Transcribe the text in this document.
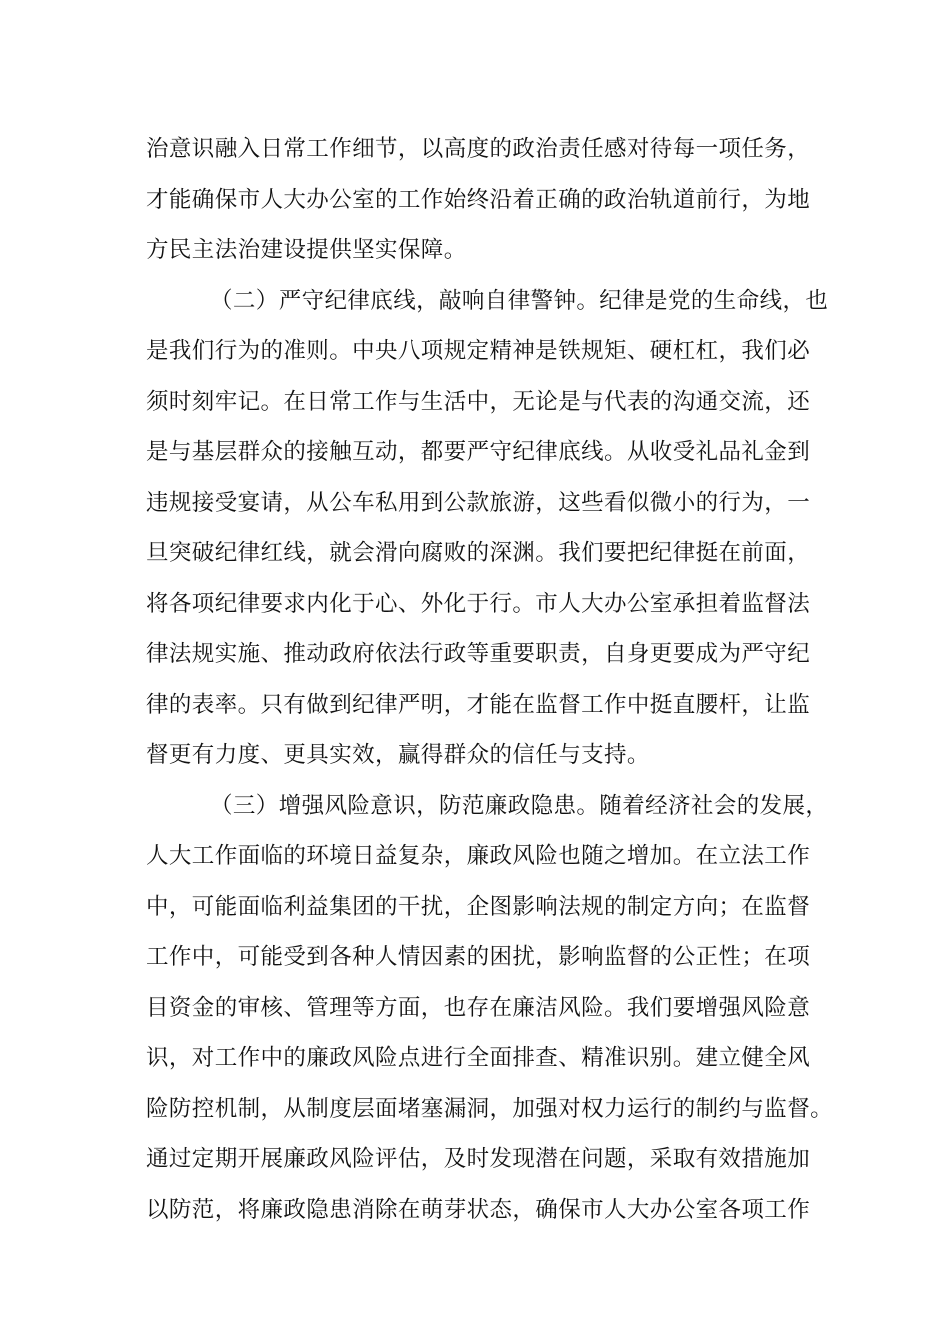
治意识融入日常工作细节，以高度的政治责任感对待每一项任务，
才能确保市人大办公室的工作始终沿着正确的政治轨道前行，为地
方民主法治建设提供坚实保障。
（二）严守纪律底线，敲响自律警钟。纪律是党的生命线，也
是我们行为的准则。中央八项规定精神是铁规矩、硬杠杠，我们必
须时刻牢记。在日常工作与生活中，无论是与代表的沟通交流，还
是与基层群众的接触互动，都要严守纪律底线。从收受礼品礼金到
违规接受宴请，从公车私用到公款旅游，这些看似微小的行为，一
旦突破纪律红线，就会滑向腐败的深渊。我们要把纪律挺在前面，
将各项纪律要求内化于心、外化于行。市人大办公室承担着监督法
律法规实施、推动政府依法行政等重要职责，自身更要成为严守纪
律的表率。只有做到纪律严明，才能在监督工作中挺直腰杆，让监
督更有力度、更具实效，赢得群众的信任与支持。
（三）增强风险意识，防范廉政隐患。随着经济社会的发展，
人大工作面临的环境日益复杂，廉政风险也随之增加。在立法工作
中，可能面临利益集团的干扰，企图影响法规的制定方向；在监督
工作中，可能受到各种人情因素的困扰，影响监督的公正性；在项
目资金的审核、管理等方面，也存在廉洁风险。我们要增强风险意
识，对工作中的廉政风险点进行全面排查、精准识别。建立健全风
险防控机制，从制度层面堵塞漏洞，加强对权力运行的制约与监督。
通过定期开展廉政风险评估，及时发现潜在问题，采取有效措施加
以防范，将廉政隐患消除在萌芽状态，确保市人大办公室各项工作
